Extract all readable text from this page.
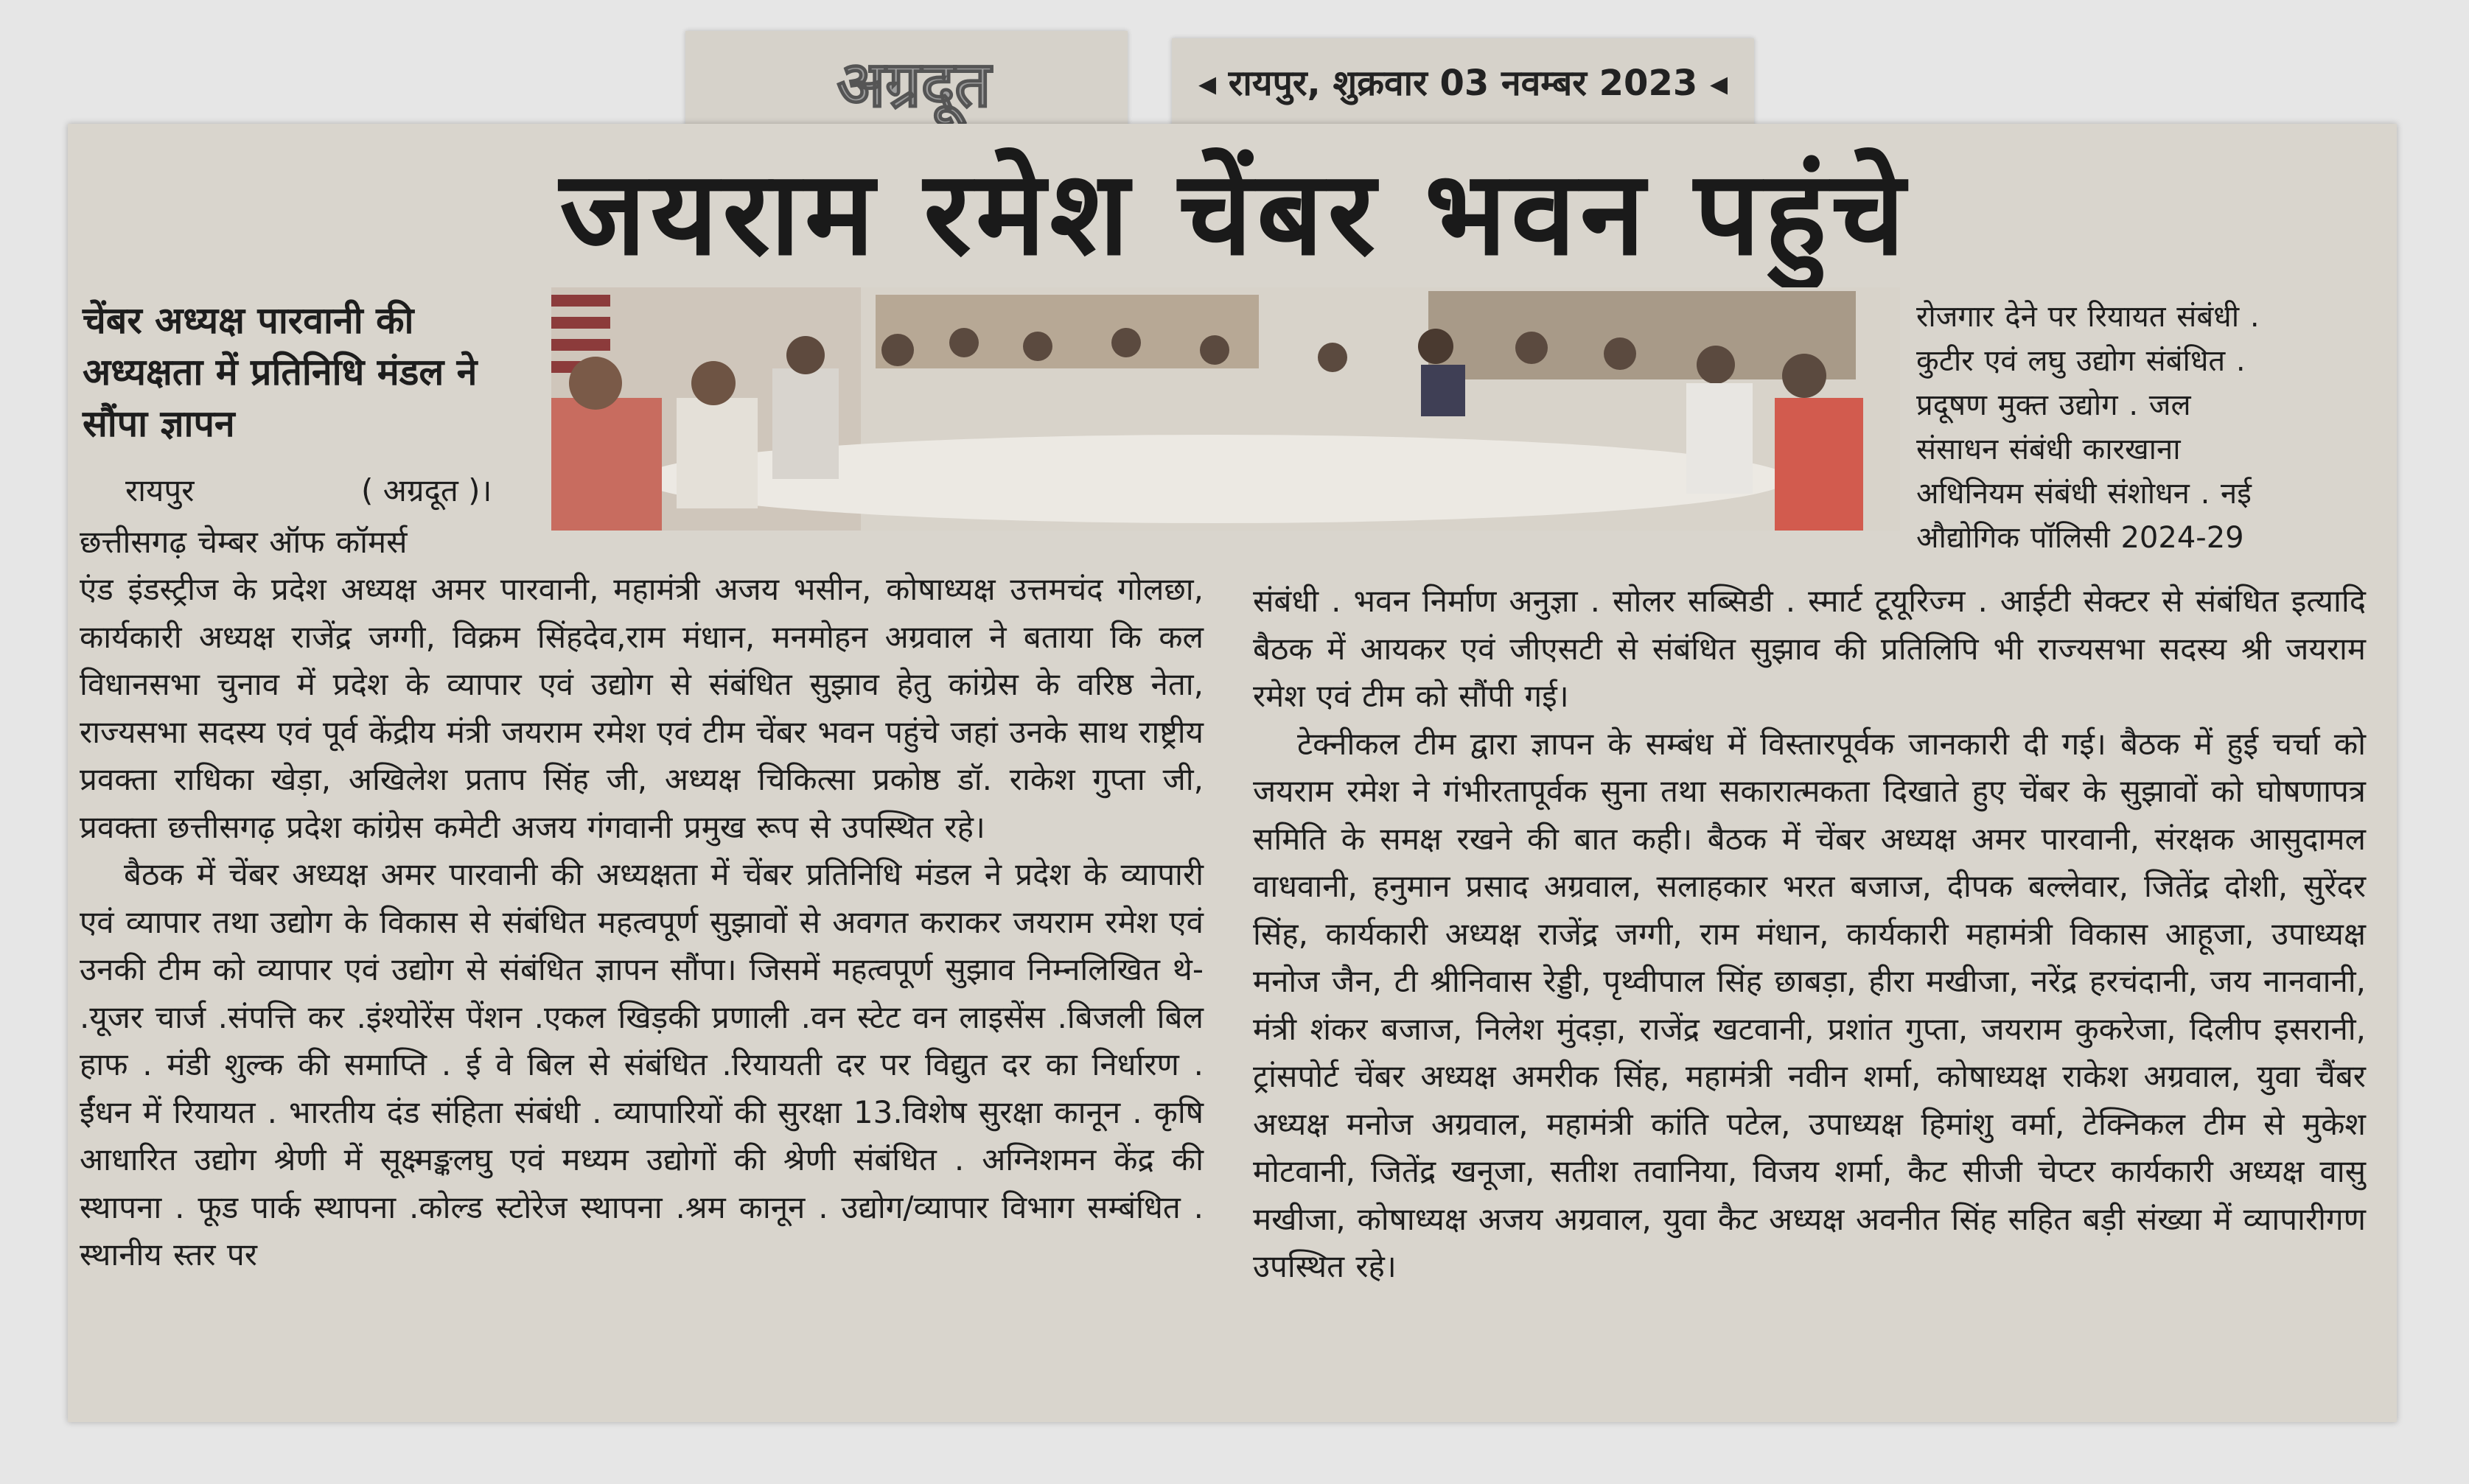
अग्रदूत	◂ रायपुर, शुक्रवार 03 नवम्बर 2023 ◂
जयराम रमेश चेंबर भवन पहुंचे
चेंबर अध्यक्ष पारवानी की अध्यक्षता में प्रतिनिधि मंडल ने सौंपा ज्ञापन
रायपुर	( अग्रदूत )।
छत्तीसगढ़ चेम्बर ऑफ कॉमर्स

एंड इंडस्ट्रीज के प्रदेश अध्यक्ष अमर पारवानी, महामंत्री अजय भसीन, कोषाध्यक्ष उत्तमचंद गोलछा, कार्यकारी अध्यक्ष राजेंद्र जग्गी, विक्रम सिंहदेव,राम मंधान, मनमोहन अग्रवाल ने बताया कि कल विधानसभा चुनाव में प्रदेश के व्यापार एवं उद्योग से संबंधित सुझाव हेतु कांग्रेस के वरिष्ठ नेता, राज्यसभा सदस्य एवं पूर्व केंद्रीय मंत्री जयराम रमेश एवं टीम चेंबर भवन पहुंचे जहां उनके साथ राष्ट्रीय प्रवक्ता राधिका खेड़ा, अखिलेश प्रताप सिंह जी, अध्यक्ष चिकित्सा प्रकोष्ठ डॉ. राकेश गुप्ता जी, प्रवक्ता छत्तीसगढ़ प्रदेश कांग्रेस कमेटी अजय गंगवानी प्रमुख रूप से उपस्थित रहे।

बैठक में चेंबर अध्यक्ष अमर पारवानी की अध्यक्षता में चेंबर प्रतिनिधि मंडल ने प्रदेश के व्यापारी एवं व्यापार तथा उद्योग के विकास से संबंधित महत्वपूर्ण सुझावों से अवगत कराकर जयराम रमेश एवं उनकी टीम को व्यापार एवं उद्योग से संबंधित ज्ञापन सौंपा। जिसमें महत्वपूर्ण सुझाव निम्नलिखित थे- .यूजर चार्ज .संपत्ति कर .इंश्योरेंस पेंशन .एकल खिड़की प्रणाली .वन स्टेट वन लाइसेंस .बिजली बिल हाफ . मंडी शुल्क की समाप्ति . ई वे बिल से संबंधित .रियायती दर पर विद्युत दर का निर्धारण . ईंधन में रियायत . भारतीय दंड संहिता संबंधी . व्यापारियों की सुरक्षा 13.विशेष सुरक्षा कानून . कृषि आधारित उद्योग श्रेणी में सूक्ष्मङ्कलघु एवं मध्यम उद्योगों की श्रेणी संबंधित . अग्निशमन केंद्र की स्थापना . फूड पार्क स्थापना .कोल्ड स्टोरेज स्थापना .श्रम कानून . उद्योग/व्यापार विभाग सम्बंधित . स्थानीय स्तर पर

रोजगार देने पर रियायत संबंधी .
कुटीर एवं लघु उद्योग संबंधित .
प्रदूषण मुक्त उद्योग . जल
संसाधन संबंधी कारखाना
अधिनियम संबंधी संशोधन . नई
औद्योगिक पॉलिसी 2024-29

संबंधी . भवन निर्माण अनुज्ञा . सोलर सब्सिडी . स्मार्ट टूयूरिज्म . आईटी सेक्टर से संबंधित इत्यादि बैठक में आयकर एवं जीएसटी से संबंधित सुझाव की प्रतिलिपि भी राज्यसभा सदस्य श्री जयराम रमेश एवं टीम को सौंपी गई।

टेक्नीकल टीम द्वारा ज्ञापन के सम्बंध में विस्तारपूर्वक जानकारी दी गई। बैठक में हुई चर्चा को जयराम रमेश ने गंभीरतापूर्वक सुना तथा सकारात्मकता दिखाते हुए चेंबर के सुझावों को घोषणापत्र समिति के समक्ष रखने की बात कही। बैठक में चेंबर अध्यक्ष अमर पारवानी, संरक्षक आसुदामल वाधवानी, हनुमान प्रसाद अग्रवाल, सलाहकार भरत बजाज, दीपक बल्लेवार, जितेंद्र दोशी, सुरेंदर सिंह, कार्यकारी अध्यक्ष राजेंद्र जग्गी, राम मंधान, कार्यकारी महामंत्री विकास आहूजा, उपाध्यक्ष मनोज जैन, टी श्रीनिवास रेड्डी, पृथ्वीपाल सिंह छाबड़ा, हीरा मखीजा, नरेंद्र हरचंदानी, जय नानवानी, मंत्री शंकर बजाज, निलेश मुंदड़ा, राजेंद्र खटवानी, प्रशांत गुप्ता, जयराम कुकरेजा, दिलीप इसरानी, ट्रांसपोर्ट चेंबर अध्यक्ष अमरीक सिंह, महामंत्री नवीन शर्मा, कोषाध्यक्ष राकेश अग्रवाल, युवा चैंबर अध्यक्ष मनोज अग्रवाल, महामंत्री कांति पटेल, उपाध्यक्ष हिमांशु वर्मा, टेक्निकल टीम से मुकेश मोटवानी, जितेंद्र खनूजा, सतीश तवानिया, विजय शर्मा, कैट सीजी चेप्टर कार्यकारी अध्यक्ष वासु मखीजा, कोषाध्यक्ष अजय अग्रवाल, युवा कैट अध्यक्ष अवनीत सिंह सहित बड़ी संख्या में व्यापारीगण उपस्थित रहे।
